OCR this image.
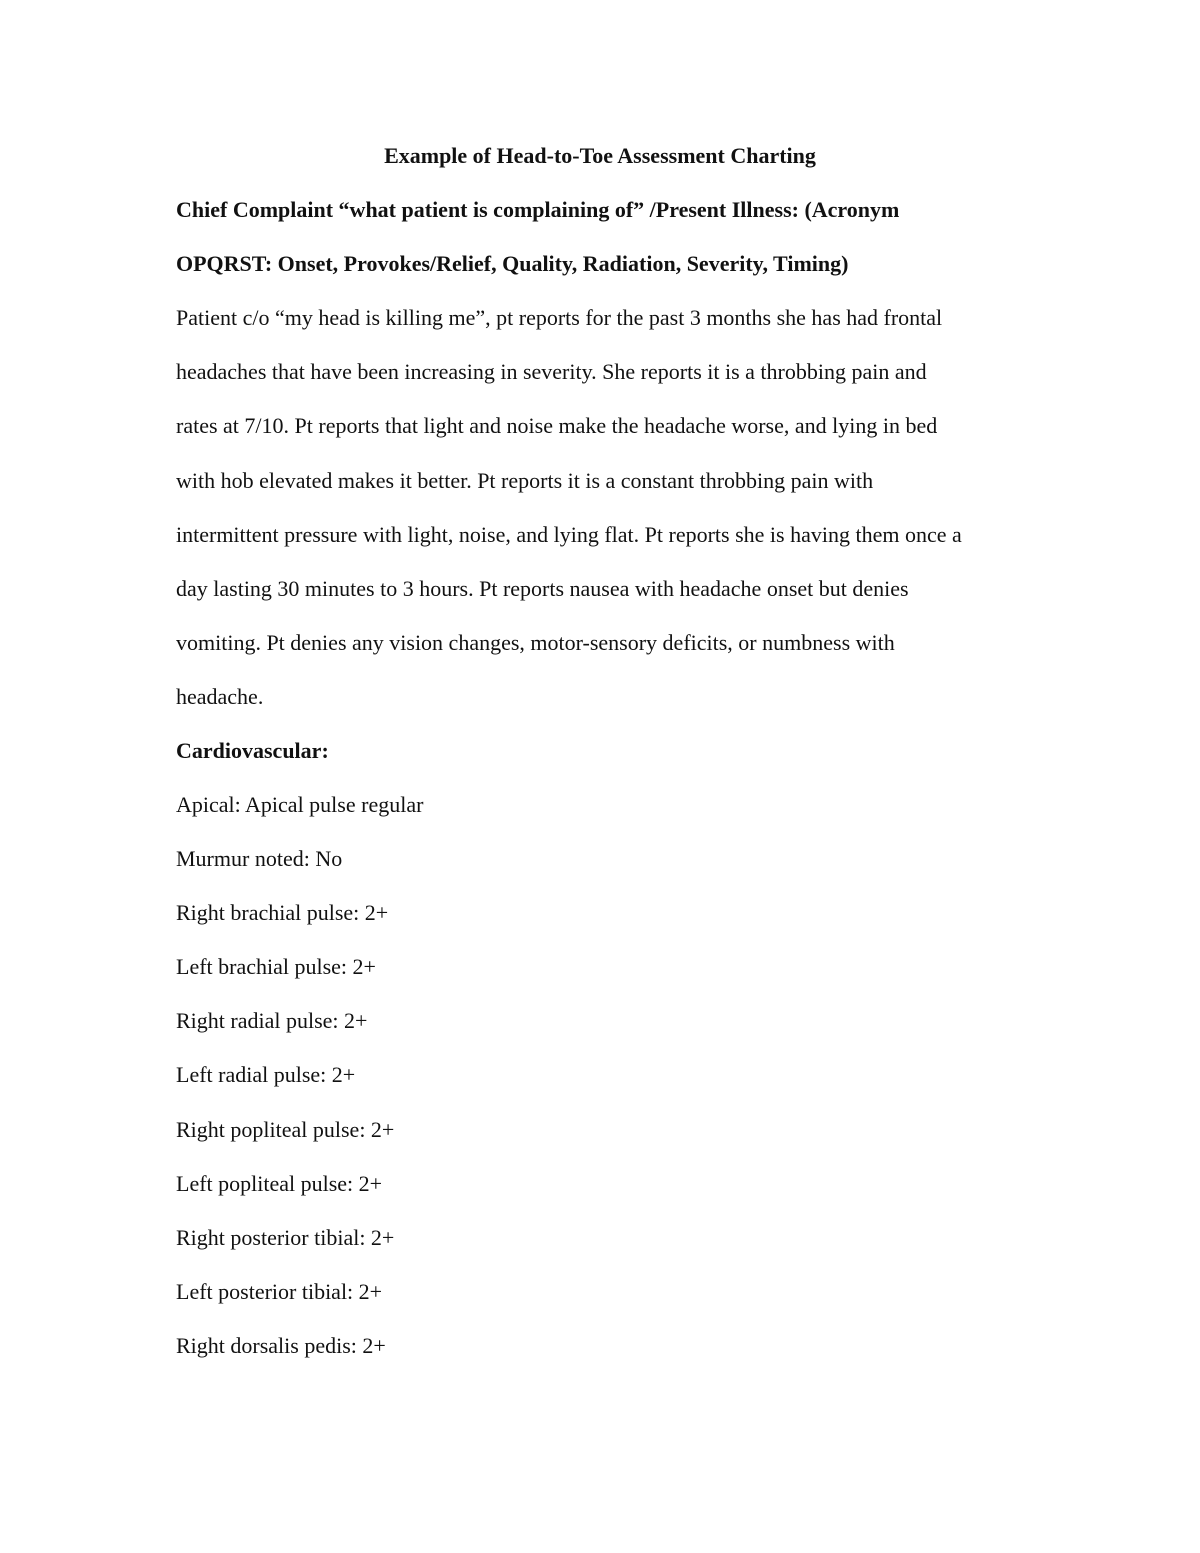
Example of Head-to-Toe Assessment Charting
Chief Complaint “what patient is complaining of” /Present Illness: (Acronym
OPQRST: Onset, Provokes/Relief, Quality, Radiation, Severity, Timing)
Patient c/o “my head is killing me”, pt reports for the past 3 months she has had frontal
headaches that have been increasing in severity. She reports it is a throbbing pain and
rates at 7/10. Pt reports that light and noise make the headache worse, and lying in bed
with hob elevated makes it better. Pt reports it is a constant throbbing pain with
intermittent pressure with light, noise, and lying flat. Pt reports she is having them once a
day lasting 30 minutes to 3 hours. Pt reports nausea with headache onset but denies
vomiting. Pt denies any vision changes, motor-sensory deficits, or numbness with
headache.
Cardiovascular:
Apical: Apical pulse regular
Murmur noted: No
Right brachial pulse: 2+
Left brachial pulse: 2+
Right radial pulse: 2+
Left radial pulse: 2+
Right popliteal pulse: 2+
Left popliteal pulse: 2+
Right posterior tibial: 2+
Left posterior tibial: 2+
Right dorsalis pedis: 2+
